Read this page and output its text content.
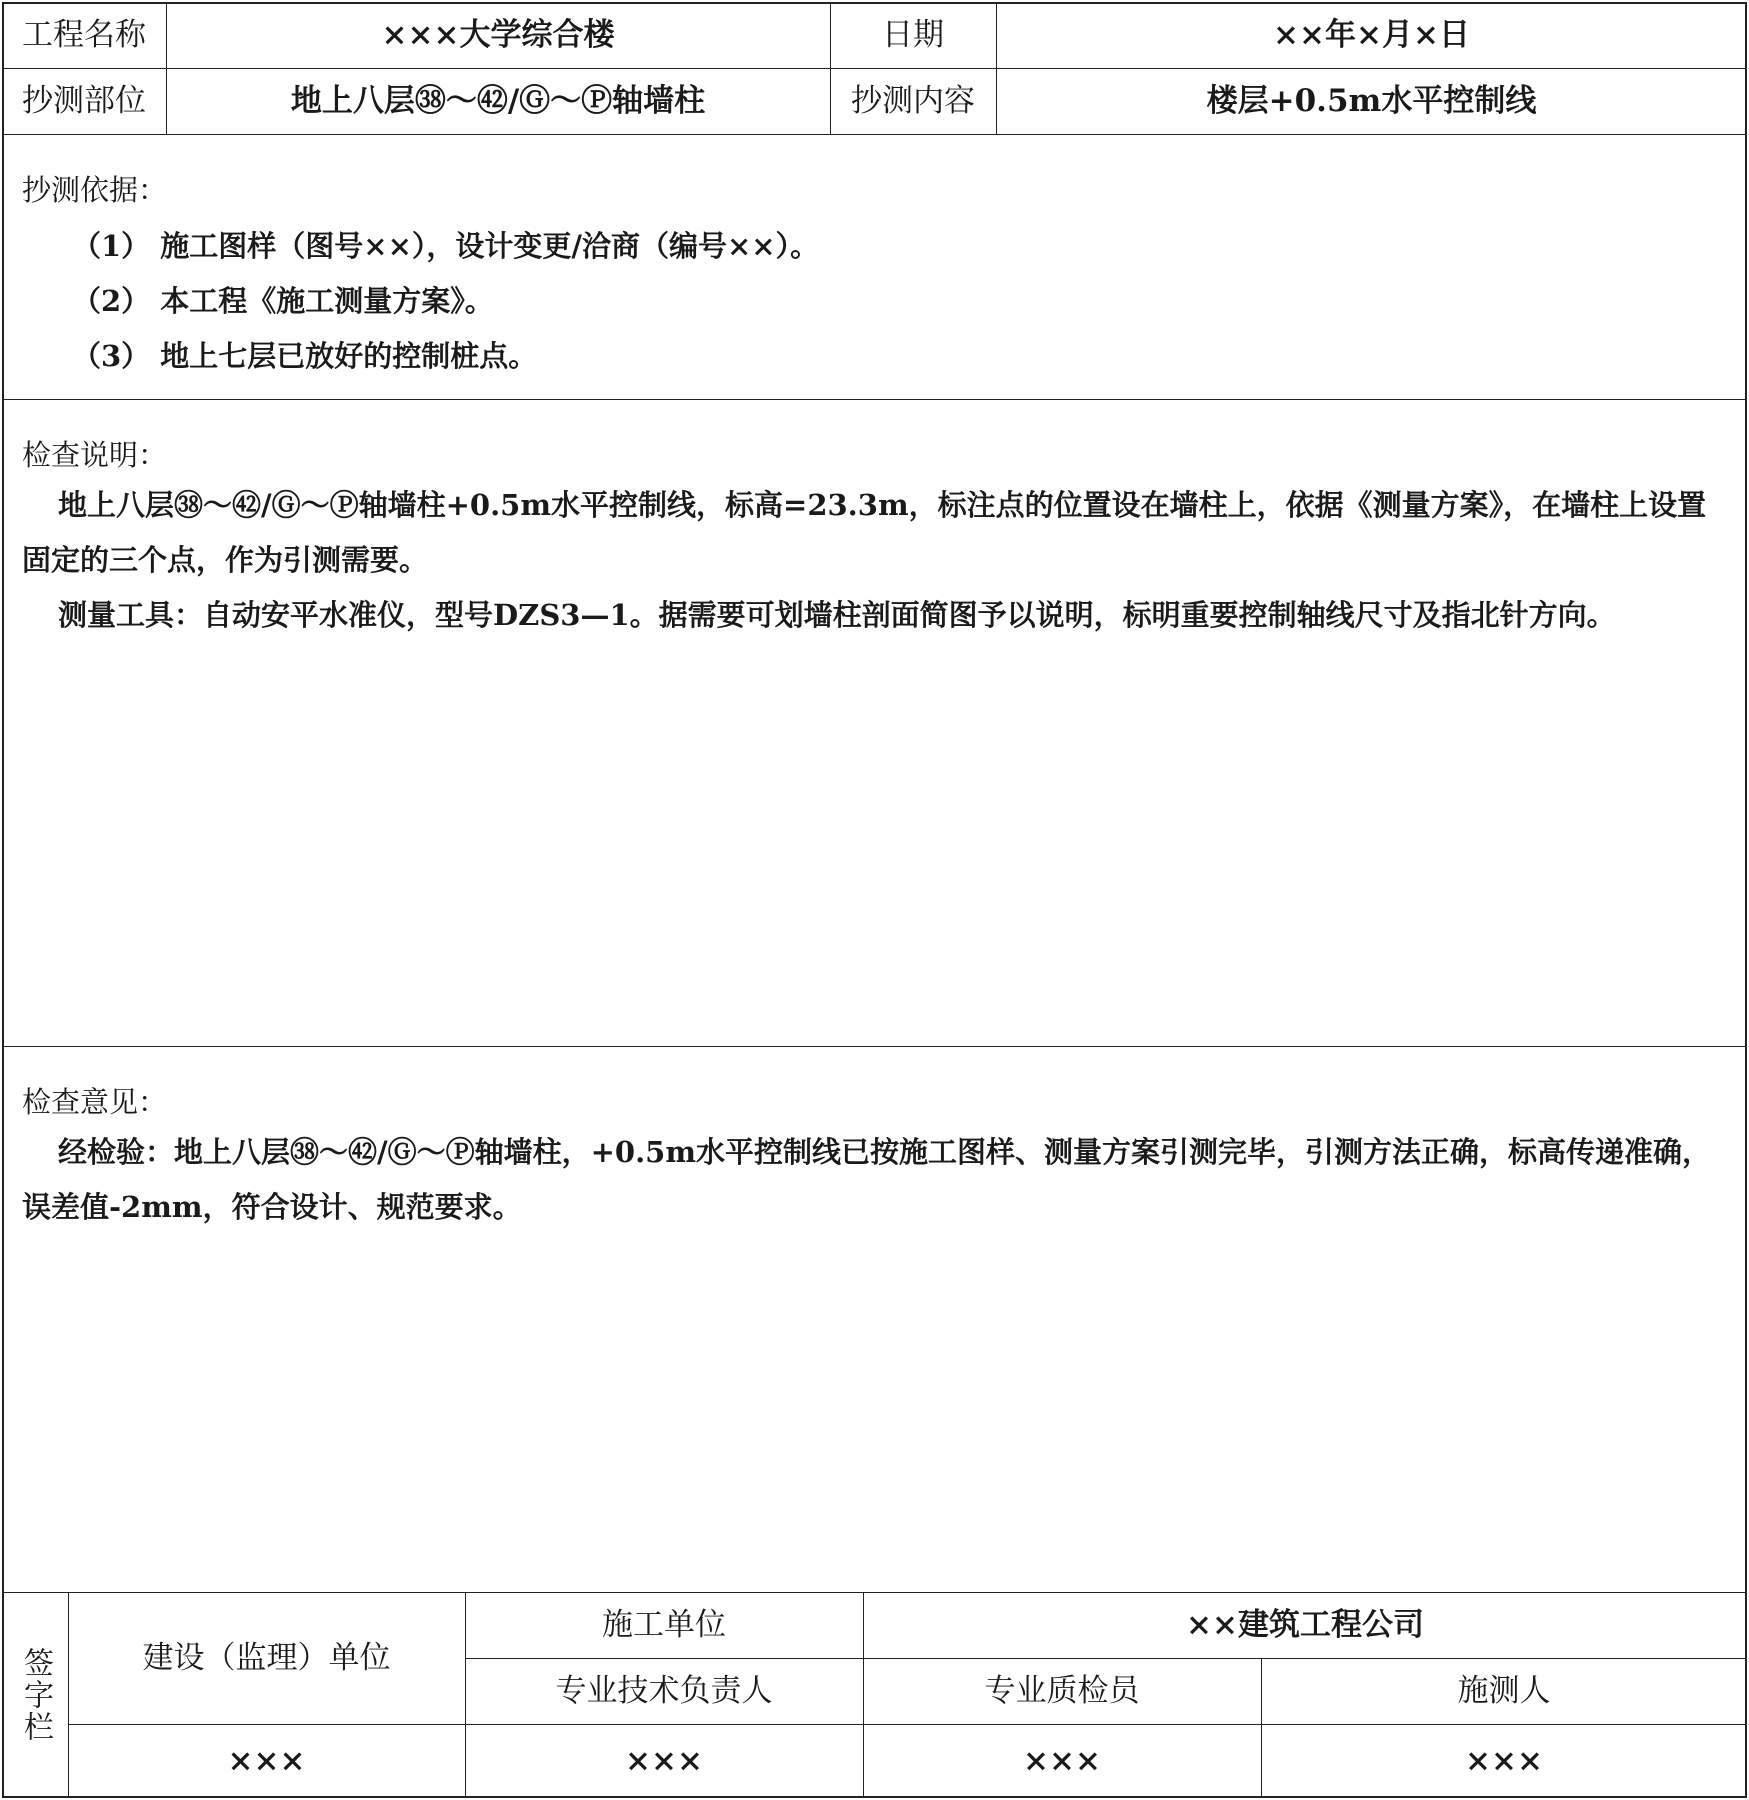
工程名称	×××大学综合楼	日期	××年×月×日
抄测部位	地上八层㊳～㊷/Ⓖ～Ⓟ轴墙柱	抄测内容	楼层+0.5m水平控制线
抄测依据：
（1） 施工图样（图号××），设计变更/洽商（编号××）。
（2） 本工程《施工测量方案》。
（3） 地上七层已放好的控制桩点。
检查说明：
地上八层㊳～㊷/Ⓖ～Ⓟ轴墙柱+0.5m水平控制线，标高=23.3m，标注点的位置设在墙柱上，依据《测量方案》，在墙柱上设置固定的三个点，作为引测需要。
测量工具：自动安平水准仪，型号DZS3—1。据需要可划墙柱剖面简图予以说明，标明重要控制轴线尺寸及指北针方向。
检查意见：
经检验：地上八层㊳～㊷/Ⓖ～Ⓟ轴墙柱，+0.5m水平控制线已按施工图样、测量方案引测完毕，引测方法正确，标高传递准确，误差值-2mm，符合设计、规范要求。
签字栏	建设（监理）单位
施工单位	××建筑工程公司
专业技术负责人	专业质检员	施测人
×××	×××	×××	×××
